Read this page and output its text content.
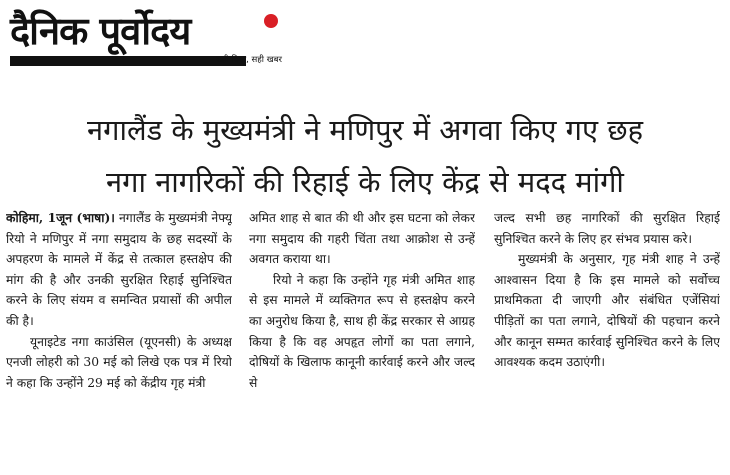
दैनिक पूर्वोदय
सही दिशा, सही खबर
नगालैंड के मुख्यमंत्री ने मणिपुर में अगवा किए गए छह
नगा नागरिकों की रिहाई के लिए केंद्र से मदद मांगी

कोहिमा, 1जून (भाषा)। नगालैंड के मुख्यमंत्री नेफ्यू रियो ने मणिपुर में नगा समुदाय के छह सदस्यों के अपहरण के मामले में केंद्र से तत्काल हस्तक्षेप की मांग की है और उनकी सुरक्षित रिहाई सुनिश्चित करने के लिए संयम व समन्वित प्रयासों की अपील की है।

यूनाइटेड नगा काउंसिल (यूएनसी) के अध्यक्ष एनजी लोहरी को 30 मई को लिखे एक पत्र में रियो ने कहा कि उन्होंने 29 मई को केंद्रीय गृह मंत्री

अमित शाह से बात की थी और इस घटना को लेकर नगा समुदाय की गहरी चिंता तथा आक्रोश से उन्हें अवगत कराया था।

रियो ने कहा कि उन्होंने गृह मंत्री अमित शाह से इस मामले में व्यक्तिगत रूप से हस्तक्षेप करने का अनुरोध किया है, साथ ही केंद्र सरकार से आग्रह किया है कि वह अपहृत लोगों का पता लगाने, दोषियों के खिलाफ कानूनी कार्रवाई करने और जल्द से

जल्द सभी छह नागरिकों की सुरक्षित रिहाई सुनिश्चित करने के लिए हर संभव प्रयास करे।

मुख्यमंत्री के अनुसार, गृह मंत्री शाह ने उन्हें आश्वासन दिया है कि इस मामले को सर्वोच्च प्राथमिकता दी जाएगी और संबंधित एजेंसियां पीड़ितों का पता लगाने, दोषियों की पहचान करने और कानून सम्मत कार्रवाई सुनिश्चित करने के लिए आवश्यक कदम उठाएंगी।
